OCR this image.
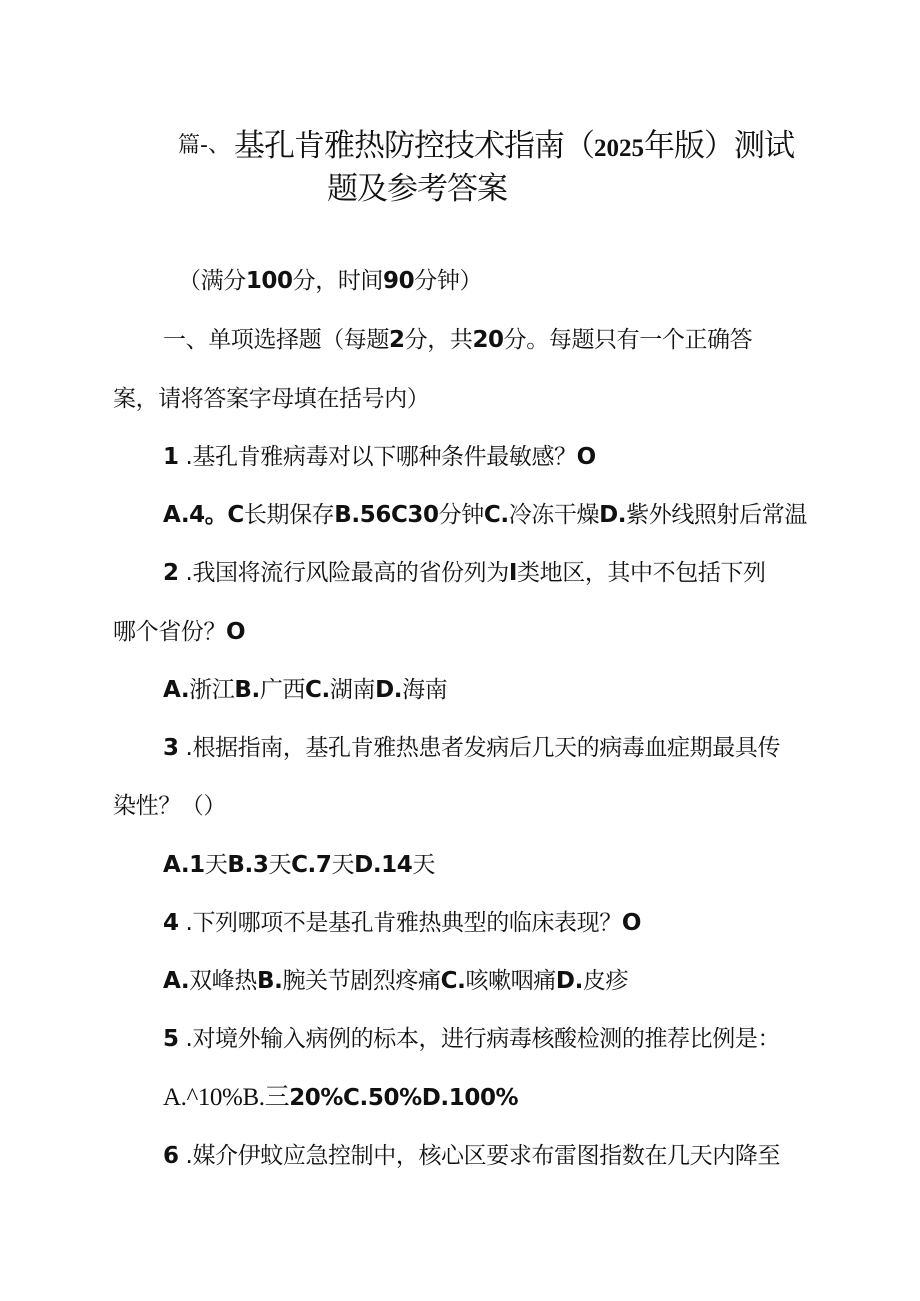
篇-、 基孔肯雅热防控技术指南（2025年版）测试
题及参考答案
（满分100分，时间90分钟）
一、单项选择题（每题2分，共20分。每题只有一个正确答
案，请将答案字母填在括号内）
1 .基孔肯雅病毒对以下哪种条件最敏感？O
A.4。C长期保存B.56C30分钟C.冷冻干燥D.紫外线照射后常温
2 .我国将流行风险最高的省份列为I类地区，其中不包括下列
哪个省份？O
A.浙江B.广西C.湖南D.海南
3 .根据指南，基孔肯雅热患者发病后几天的病毒血症期最具传
染性？（）
A.1天B.3天C.7天D.14天
4 .下列哪项不是基孔肯雅热典型的临床表现？O
A.双峰热B.腕关节剧烈疼痛C.咳嗽咽痛D.皮疹
5 .对境外输入病例的标本，进行病毒核酸检测的推荐比例是：
A.^10%B.三20%C.50%D.100%
6 .媒介伊蚊应急控制中，核心区要求布雷图指数在几天内降至
